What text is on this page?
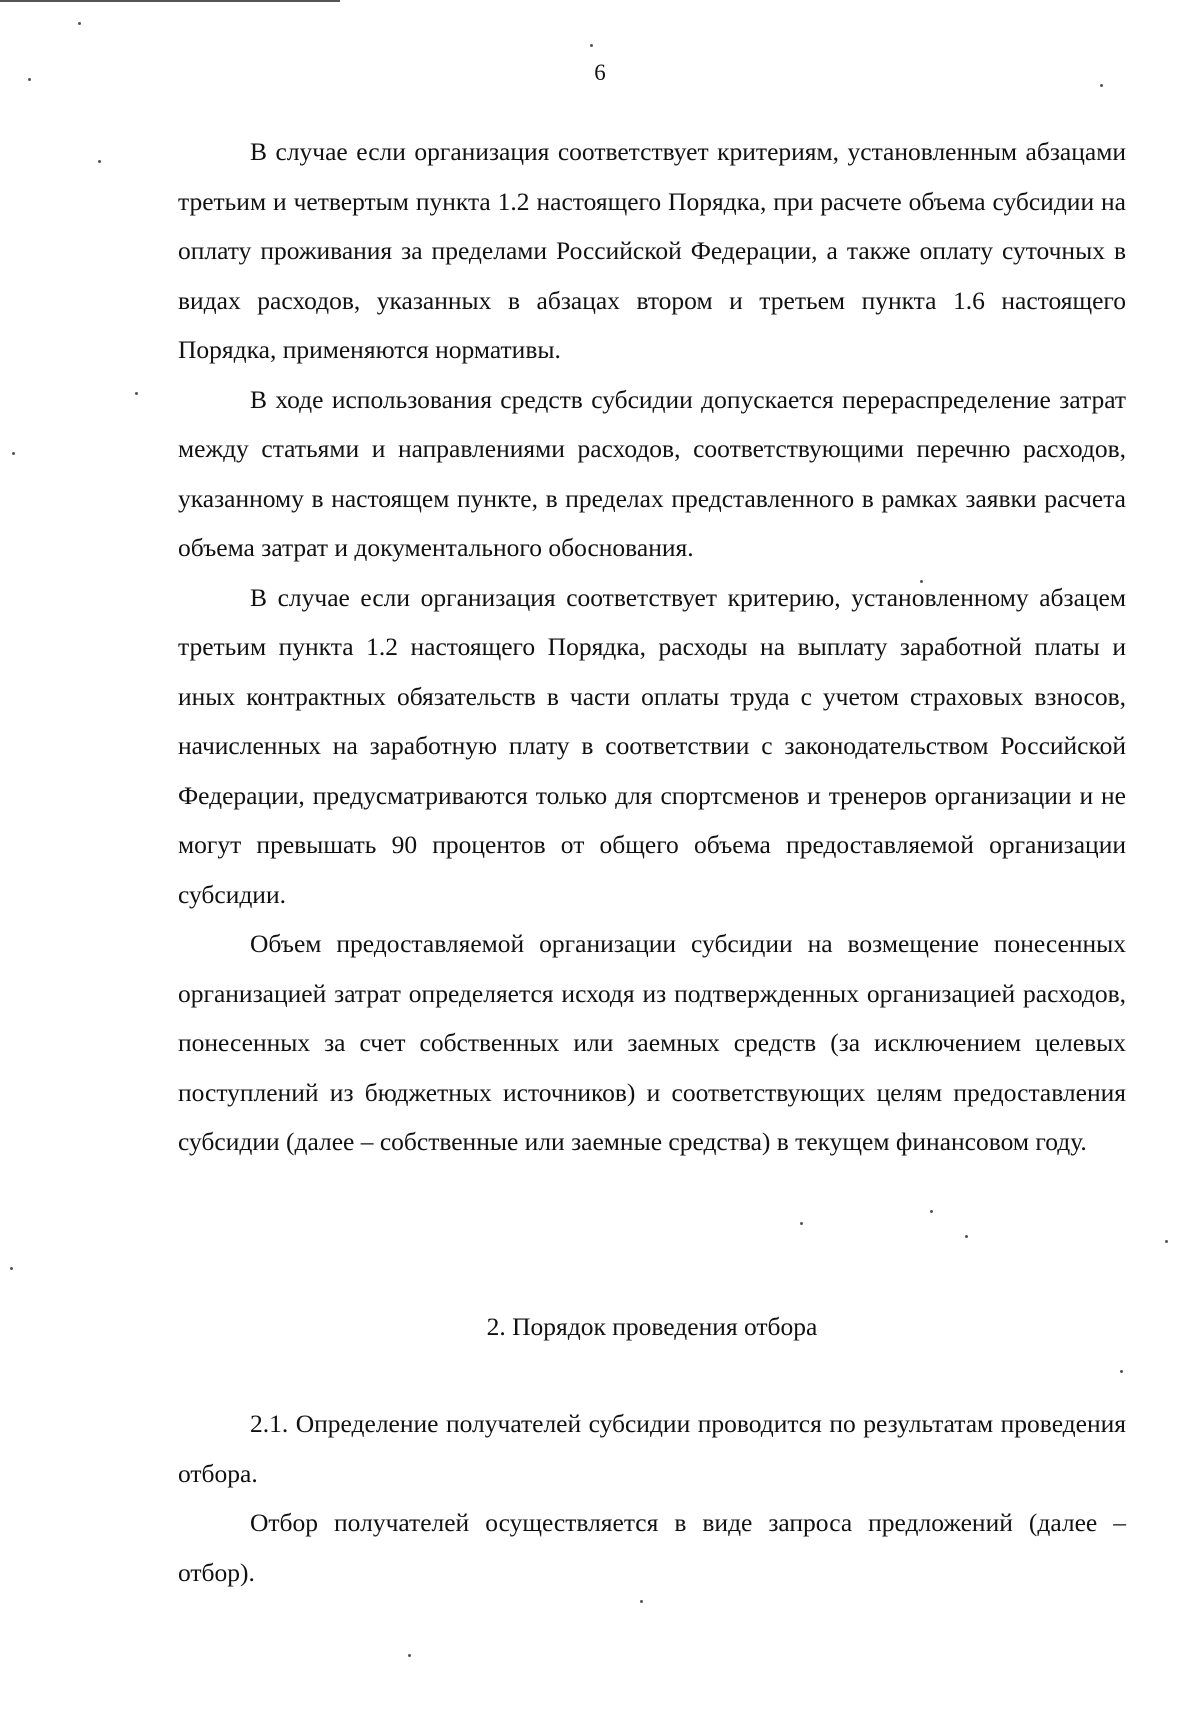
6

В случае если организация соответствует критериям, установленным абзацами третьим и четвертым пункта 1.2 настоящего Порядка, при расчете объема субсидии на оплату проживания за пределами Российской Федерации, а также оплату суточных в видах расходов, указанных в абзацах втором и третьем пункта 1.6 настоящего Порядка, применяются нормативы.

В ходе использования средств субсидии допускается перераспределение затрат между статьями и направлениями расходов, соответствующими перечню расходов, указанному в настоящем пункте, в пределах представленного в рамках заявки расчета объема затрат и документального обоснования.

В случае если организация соответствует критерию, установленному абзацем третьим пункта 1.2 настоящего Порядка, расходы на выплату заработной платы и иных контрактных обязательств в части оплаты труда с учетом страховых взносов, начисленных на заработную плату в соответствии с законодательством Российской Федерации, предусматриваются только для спортсменов и тренеров организации и не могут превышать 90 процентов от общего объема предоставляемой организации субсидии.

Объем предоставляемой организации субсидии на возмещение понесенных организацией затрат определяется исходя из подтвержденных организацией расходов, понесенных за счет собственных или заемных средств (за исключением целевых поступлений из бюджетных источников) и соответствующих целям предоставления субсидии (далее – собственные или заемные средства) в текущем финансовом году.

2. Порядок проведения отбора

2.1. Определение получателей субсидии проводится по результатам проведения отбора.

Отбор получателей осуществляется в виде запроса предложений (далее – отбор).
